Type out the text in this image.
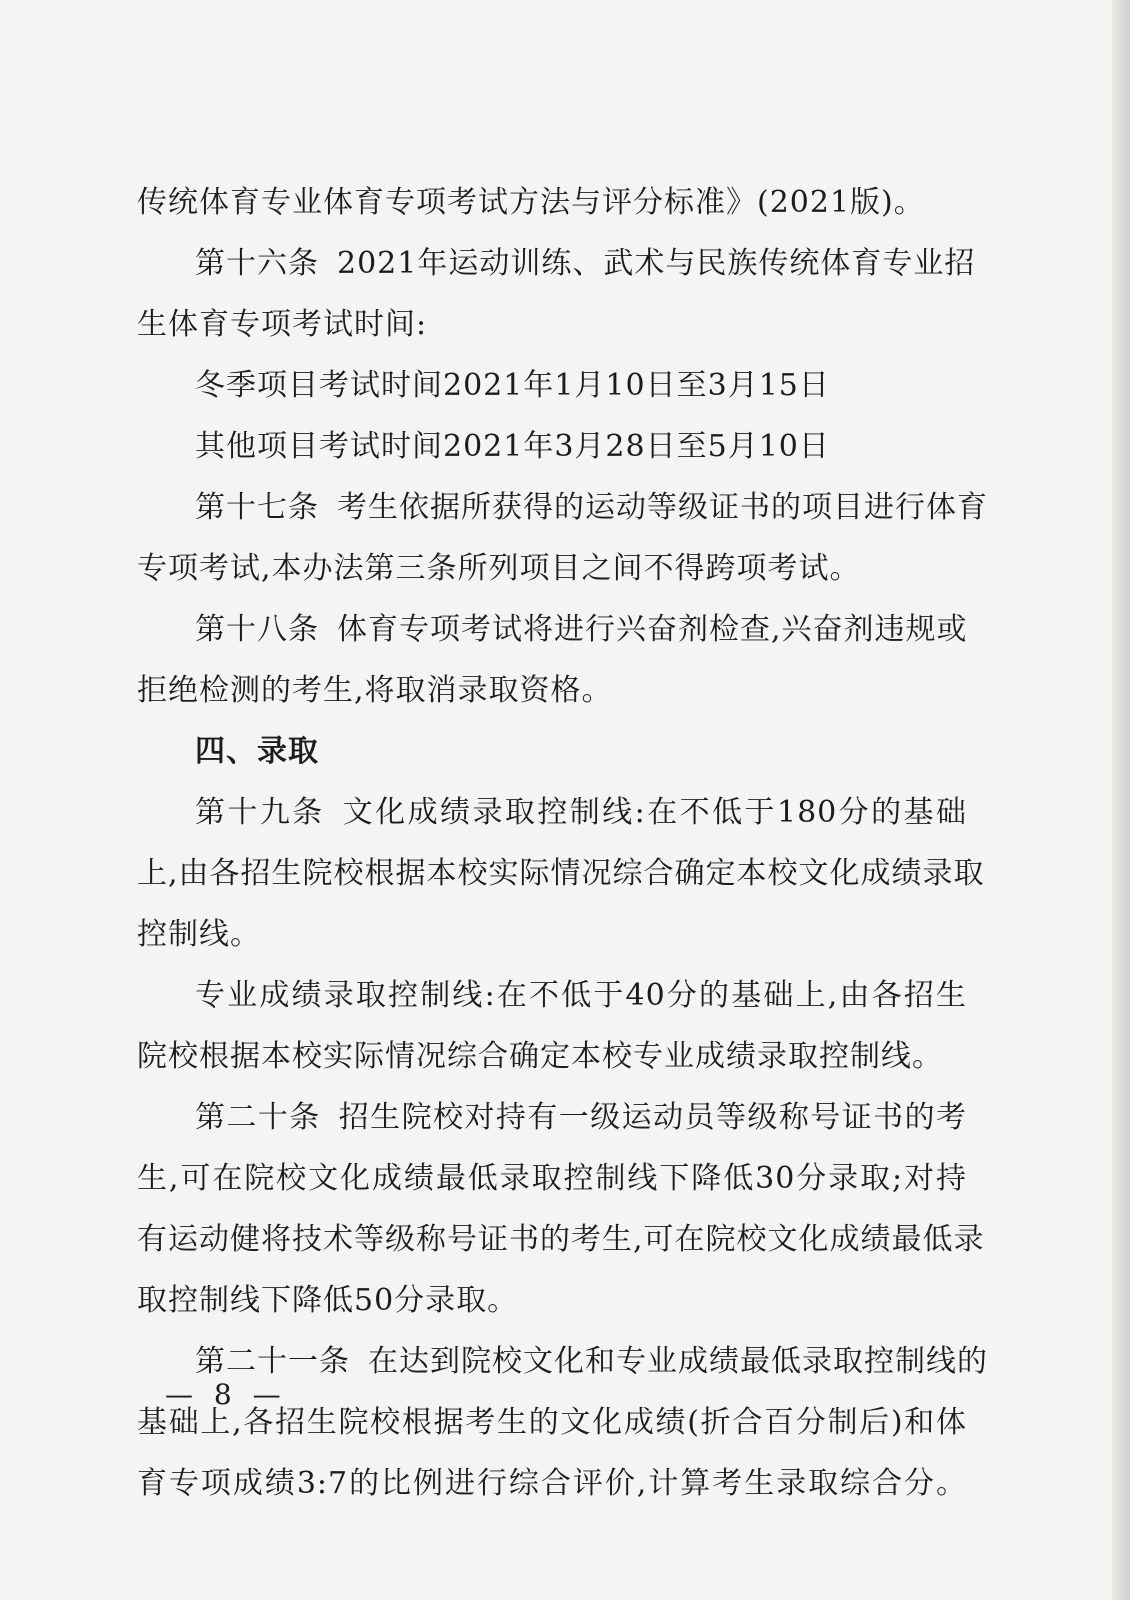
传统体育专业体育专项考试方法与评分标准》(2021版)。
第十六条 2021年运动训练、武术与民族传统体育专业招
生体育专项考试时间:
冬季项目考试时间2021年1月10日至3月15日
其他项目考试时间2021年3月28日至5月10日
第十七条 考生依据所获得的运动等级证书的项目进行体育
专项考试,本办法第三条所列项目之间不得跨项考试。
第十八条 体育专项考试将进行兴奋剂检查,兴奋剂违规或
拒绝检测的考生,将取消录取资格。
四、录取
第十九条 文化成绩录取控制线:在不低于180分的基础
上,由各招生院校根据本校实际情况综合确定本校文化成绩录取
控制线。
专业成绩录取控制线:在不低于40分的基础上,由各招生
院校根据本校实际情况综合确定本校专业成绩录取控制线。
第二十条 招生院校对持有一级运动员等级称号证书的考
生,可在院校文化成绩最低录取控制线下降低30分录取;对持
有运动健将技术等级称号证书的考生,可在院校文化成绩最低录
取控制线下降低50分录取。
第二十一条 在达到院校文化和专业成绩最低录取控制线的
基础上,各招生院校根据考生的文化成绩(折合百分制后)和体
育专项成绩3:7的比例进行综合评价,计算考生录取综合分。
— 8 —
